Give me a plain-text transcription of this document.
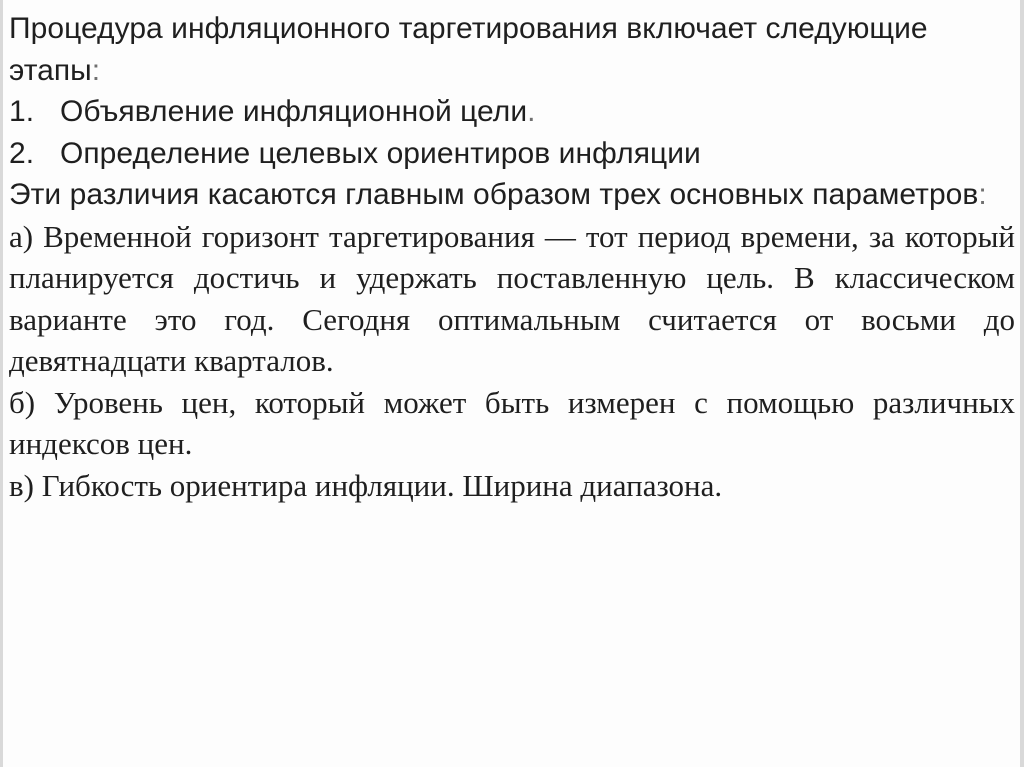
Процедура инфляционного таргетирования включает следующие этапы:

1. Объявление инфляционной цели.
2. Определение целевых ориентиров инфляции

Эти различия касаются главным образом трех основных параметров:

а) Временной горизонт таргетирования — тот период времени, за который планируется достичь и удержать поставленную цель. В классическом варианте это год. Сегодня оптимальным считается от восьми до девятнадцати кварталов.

б) Уровень цен, который может быть измерен с помощью различных индексов цен.

в) Гибкость ориентира инфляции. Ширина диапазона.
